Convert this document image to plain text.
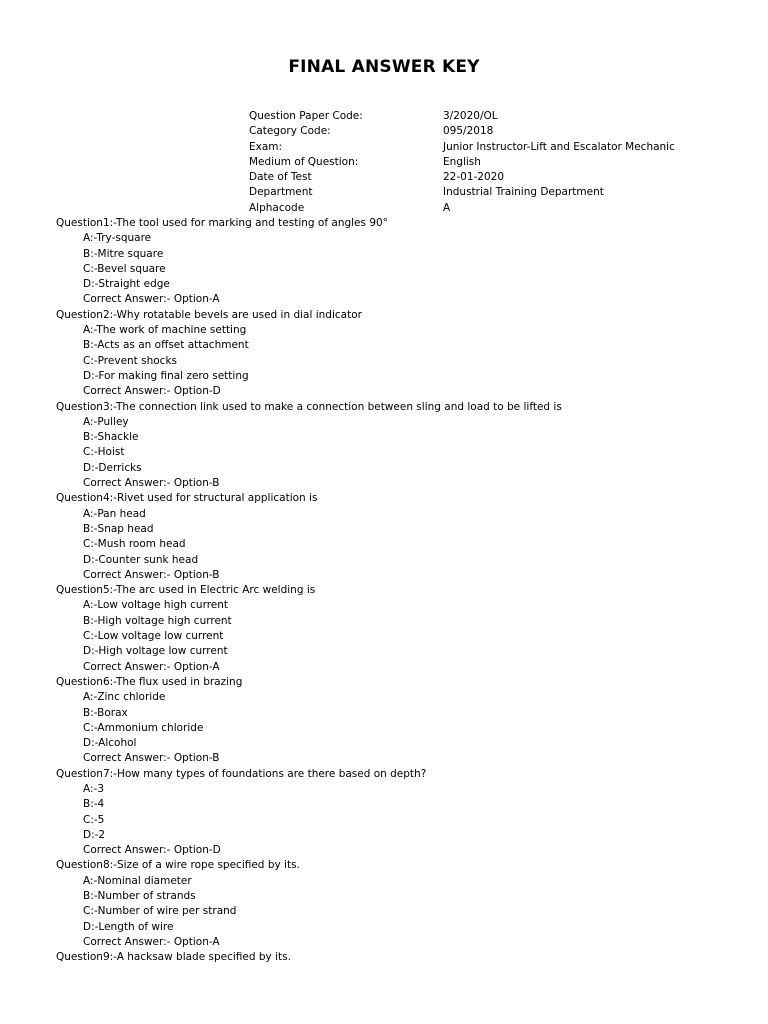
FINAL ANSWER KEY
Question Paper Code:	3/2020/OL
Category Code:	095/2018
Exam:	Junior Instructor-Lift and Escalator Mechanic
Medium of Question:	English
Date of Test	22-01-2020
Department	Industrial Training Department
Alphacode	A
Question1:-The tool used for marking and testing of angles 90°
A:-Try-square
B:-Mitre square
C:-Bevel square
D:-Straight edge
Correct Answer:- Option-A
Question2:-Why rotatable bevels are used in dial indicator
A:-The work of machine setting
B:-Acts as an offset attachment
C:-Prevent shocks
D:-For making final zero setting
Correct Answer:- Option-D
Question3:-The connection link used to make a connection between sling and load to be lifted is
A:-Pulley
B:-Shackle
C:-Hoist
D:-Derricks
Correct Answer:- Option-B
Question4:-Rivet used for structural application is
A:-Pan head
B:-Snap head
C:-Mush room head
D:-Counter sunk head
Correct Answer:- Option-B
Question5:-The arc used in Electric Arc welding is
A:-Low voltage high current
B:-High voltage high current
C:-Low voltage low current
D:-High voltage low current
Correct Answer:- Option-A
Question6:-The flux used in brazing
A:-Zinc chloride
B:-Borax
C:-Ammonium chloride
D:-Alcohol
Correct Answer:- Option-B
Question7:-How many types of foundations are there based on depth?
A:-3
B:-4
C:-5
D:-2
Correct Answer:- Option-D
Question8:-Size of a wire rope specified by its.
A:-Nominal diameter
B:-Number of strands
C:-Number of wire per strand
D:-Length of wire
Correct Answer:- Option-A
Question9:-A hacksaw blade specified by its.
